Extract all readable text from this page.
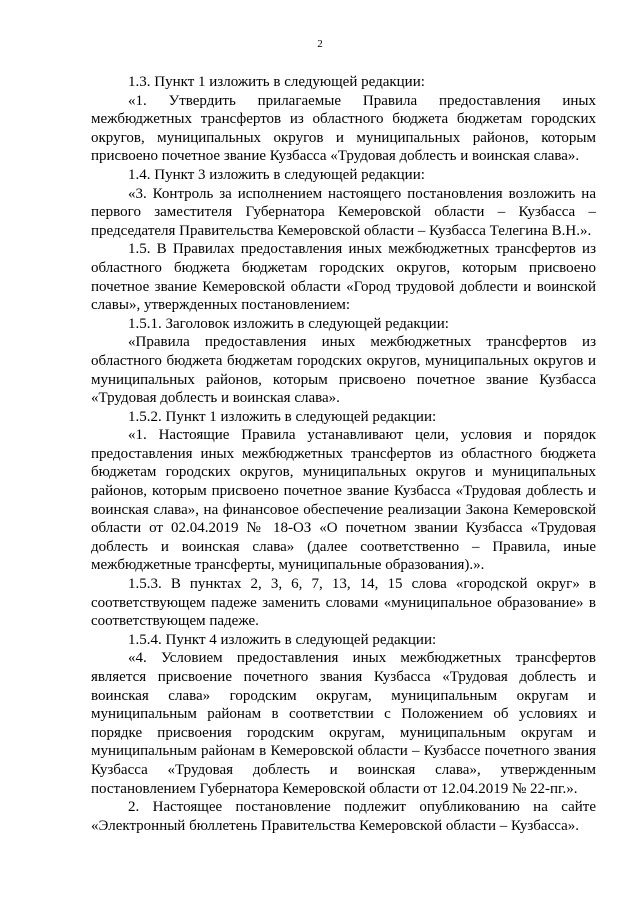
2

1.3. Пункт 1 изложить в следующей редакции:

«1. Утвердить прилагаемые Правила предоставления иных межбюджетных трансфертов из областного бюджета бюджетам городских округов, муниципальных округов и муниципальных районов, которым присвоено почетное звание Кузбасса «Трудовая доблесть и воинская слава».

1.4. Пункт 3 изложить в следующей редакции:

«3. Контроль за исполнением настоящего постановления возложить на первого заместителя Губернатора Кемеровской области – Кузбасса – председателя Правительства Кемеровской области – Кузбасса Телегина В.Н.».

1.5. В Правилах предоставления иных межбюджетных трансфертов из областного бюджета бюджетам городских округов, которым присвоено почетное звание Кемеровской области «Город трудовой доблести и воинской славы», утвержденных постановлением:

1.5.1. Заголовок изложить в следующей редакции:

«Правила предоставления иных межбюджетных трансфертов из областного бюджета бюджетам городских округов, муниципальных округов и муниципальных районов, которым присвоено почетное звание Кузбасса «Трудовая доблесть и воинская слава».

1.5.2. Пункт 1 изложить в следующей редакции:

«1. Настоящие Правила устанавливают цели, условия и порядок предоставления иных межбюджетных трансфертов из областного бюджета бюджетам городских округов, муниципальных округов и муниципальных районов, которым присвоено почетное звание Кузбасса «Трудовая доблесть и воинская слава», на финансовое обеспечение реализации Закона Кемеровской области от 02.04.2019 № 18-ОЗ «О почетном звании Кузбасса «Трудовая доблесть и воинская слава» (далее соответственно – Правила, иные межбюджетные трансферты, муниципальные образования).».

1.5.3. В пунктах 2, 3, 6, 7, 13, 14, 15 слова «городской округ» в соответствующем падеже заменить словами «муниципальное образование» в соответствующем падеже.

1.5.4. Пункт 4 изложить в следующей редакции:

«4. Условием предоставления иных межбюджетных трансфертов является присвоение почетного звания Кузбасса «Трудовая доблесть и воинская слава» городским округам, муниципальным округам и муниципальным районам в соответствии с Положением об условиях и порядке присвоения городским округам, муниципальным округам и муниципальным районам в Кемеровской области – Кузбассе почетного звания Кузбасса «Трудовая доблесть и воинская слава», утвержденным постановлением Губернатора Кемеровской области от 12.04.2019 № 22-пг.».

2. Настоящее постановление подлежит опубликованию на сайте «Электронный бюллетень Правительства Кемеровской области – Кузбасса».
